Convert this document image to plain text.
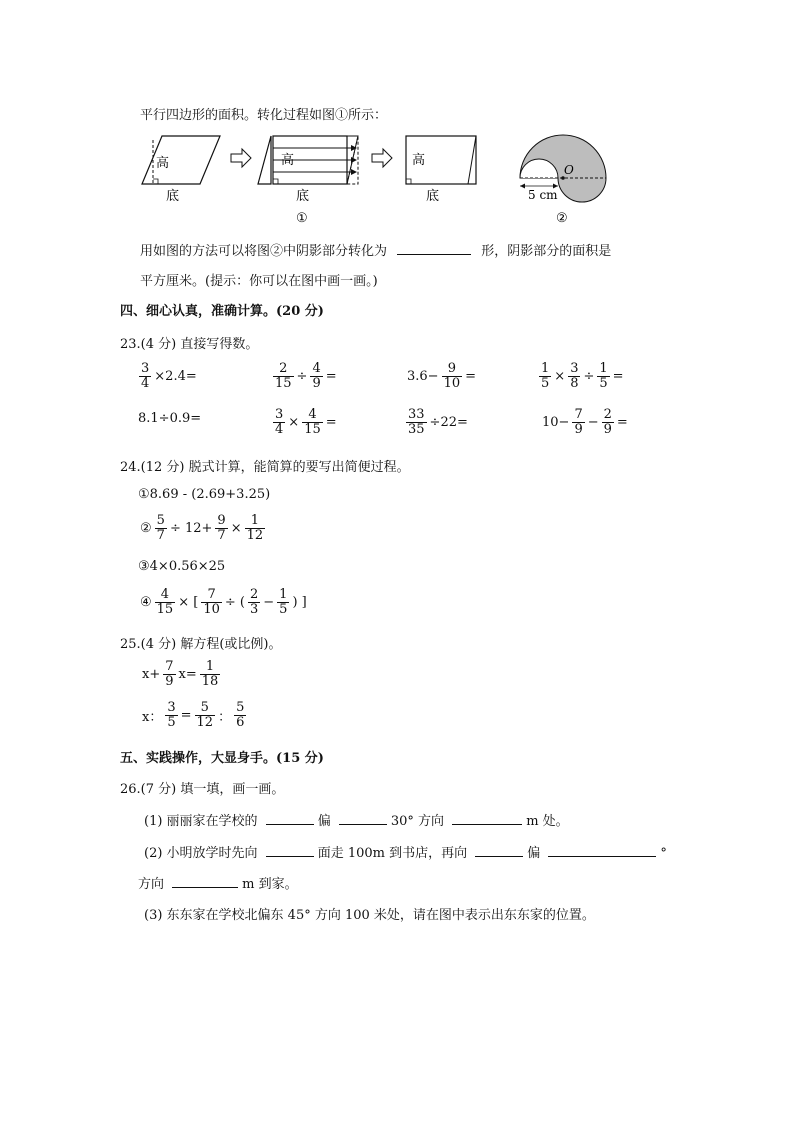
平行四边形的面积。转化过程如图①所示：
高
底
高
底
①
高
底
O
5 cm
②
用如图的方法可以将图②中阴影部分转化为	形，阴影部分的面积是
平方厘米。(提示：你可以在图中画一画。)
四、细心认真，准确计算。(20 分)
23.(4 分) 直接写得数。
$\frac{3}{4} \times 2.4=$	$\frac{2}{15} \div \frac{4}{9}$ =	$3.6- \frac{9}{10}$ =	$\frac{1}{5} \times \frac{3}{8} \div \frac{1}{5}$ =
8.1÷0.9=	$\frac{3}{4} \times \frac{4}{15}$ =	$\frac{33}{35} \div 22=$	$10- \frac{7}{9} - \frac{2}{9}$ =
24.(12 分) 脱式计算，能简算的要写出简便过程。
①8.69 - (2.69+3.25)
② $\frac{5}{7} \div 12+ \frac{9}{7} \times \frac{1}{12}$
③4×0.56×25
④ $\frac{4}{15}$ × [ $\frac{7}{10}$ ÷ ( $\frac{2}{3} - \frac{1}{5}$ ) ]
25.(4 分) 解方程(或比例)。
$x+ \frac{7}{9} x= \frac{1}{18}$
x： $\frac{3}{5} = \frac{5}{12}$ ： $\frac{5}{6}$
五、实践操作，大显身手。(15 分)
26.(7 分) 填一填，画一画。
(1) 丽丽家在学校的	偏	30° 方向	m 处。
(2) 小明放学时先向	面走 100m 到书店，再向	偏	°
方向	m 到家。
(3) 东东家在学校北偏东 45° 方向 100 米处，请在图中表示出东东家的位置。
